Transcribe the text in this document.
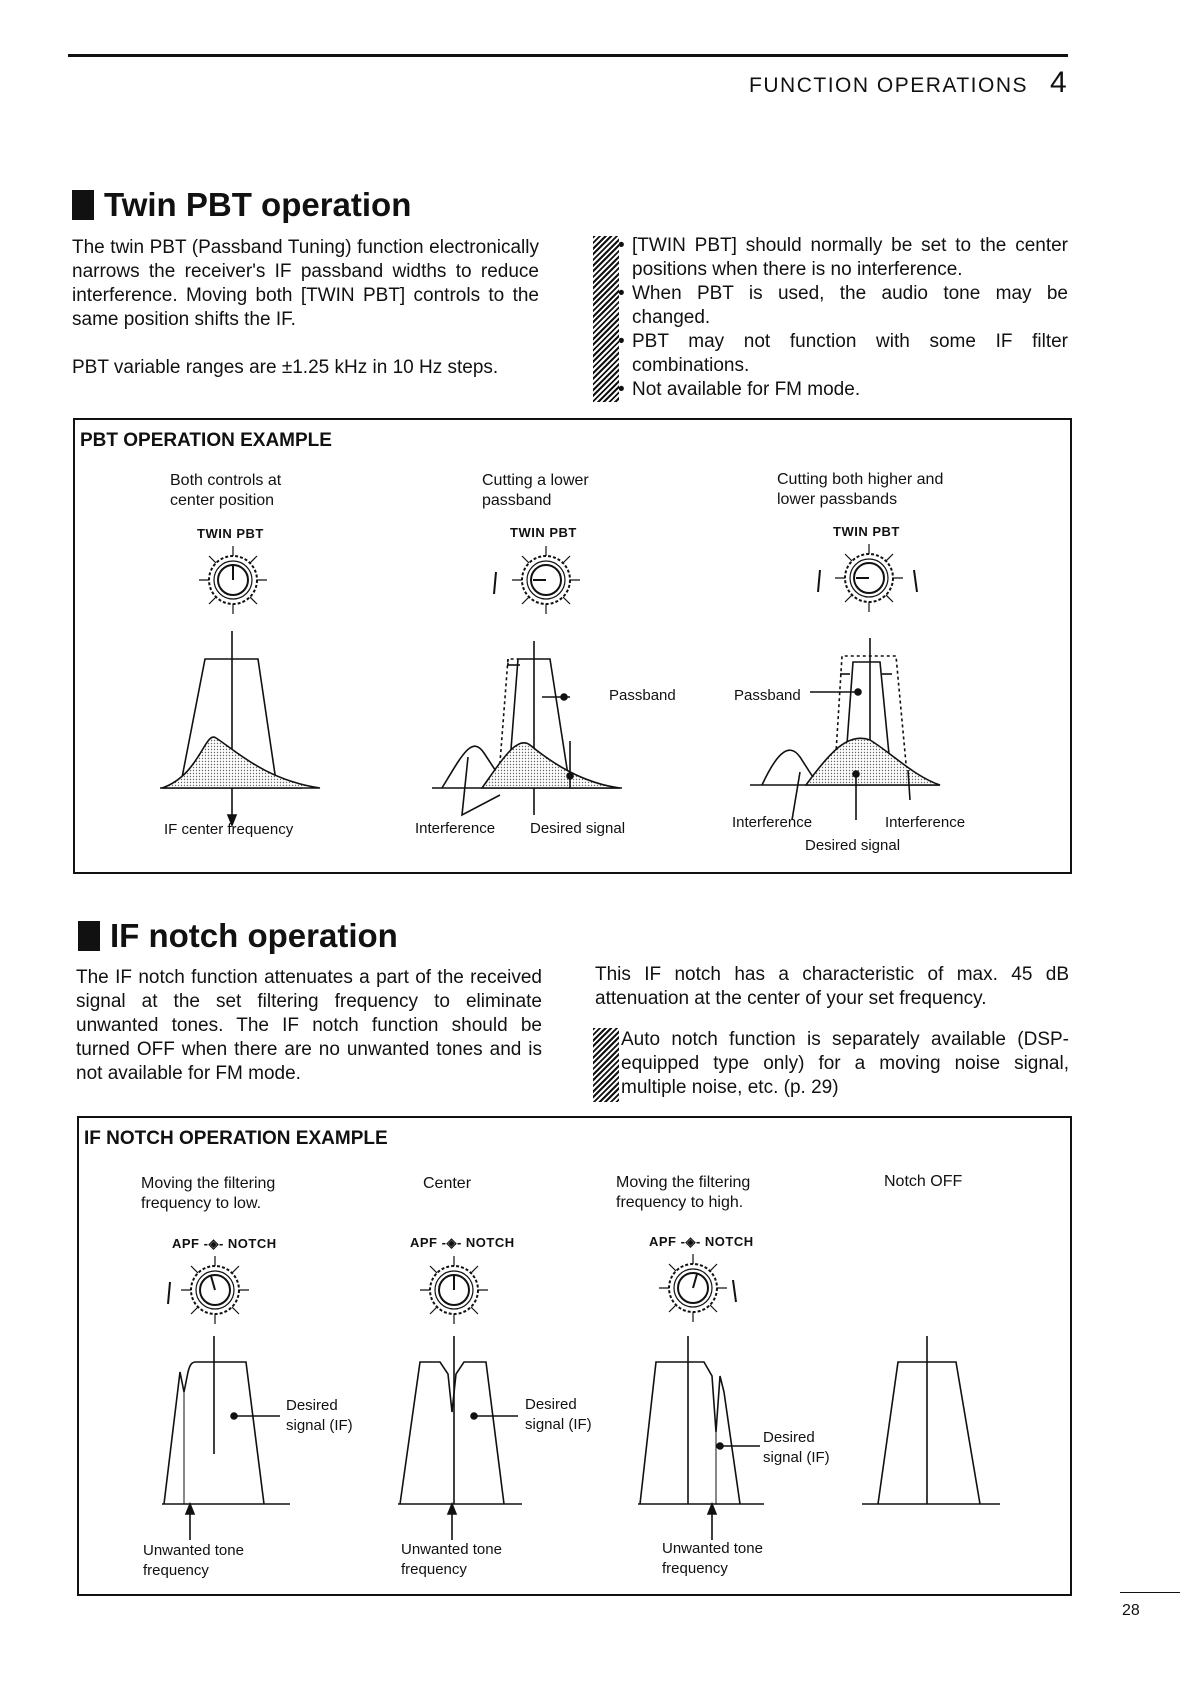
FUNCTION OPERATIONS 4
Twin PBT operation
The twin PBT (Passband Tuning) function electronically narrows the receiver's IF passband widths to reduce interference. Moving both [TWIN PBT] controls to the same position shifts the IF.
PBT variable ranges are ±1.25 kHz in 10 Hz steps.
• [TWIN PBT] should normally be set to the center positions when there is no interference.
• When PBT is used, the audio tone may be changed.
• PBT may not function with some IF filter combinations.
• Not available for FM mode.
PBT OPERATION EXAMPLE
Both controls at
center position
Cutting a lower
passband
Cutting both higher and
lower passbands
TWIN PBT	TWIN PBT	TWIN PBT
IF center frequency
Passband
Interference Desired signal
Passband
Interference	Interference
Desired signal
IF notch operation
The IF notch function attenuates a part of the received signal at the set filtering frequency to eliminate unwanted tones. The IF notch function should be turned OFF when there are no unwanted tones and is not available for FM mode.
This IF notch has a characteristic of max. 45 dB attenuation at the center of your set frequency.
Auto notch function is separately available (DSP-equipped type only) for a moving noise signal, multiple noise, etc. (p. 29)
IF NOTCH OPERATION EXAMPLE
Moving the filtering
frequency to low.
Center	Moving the filtering
frequency to high.
Notch OFF
APF -◈- NOTCH	APF -◈- NOTCH	APF -◈- NOTCH
Desired
signal (IF)
Desired
signal (IF)
Desired
signal (IF)
Unwanted tone
frequency
Unwanted tone
frequency
Unwanted tone
frequency
28
